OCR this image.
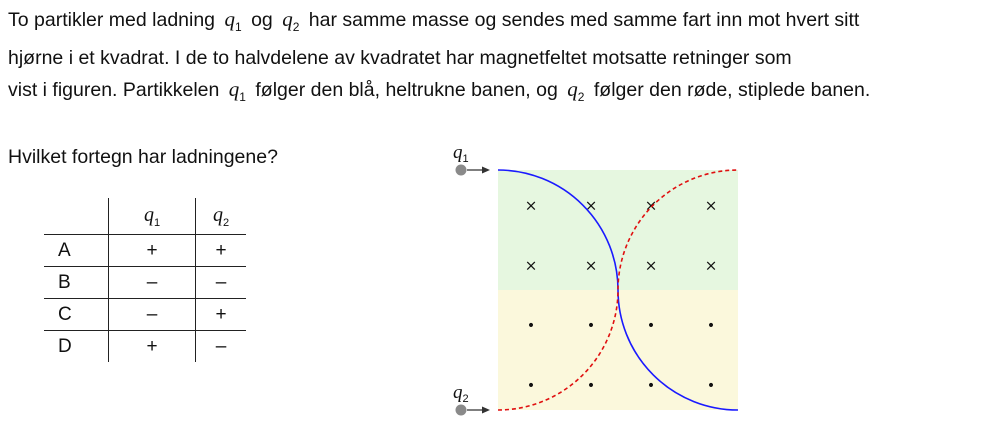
To partikler med ladning $q_1$ og $q_2$ har samme masse og sendes med samme fart inn mot hvert sitt
hjørne i et kvadrat. I de to halvdelene av kvadratet har magnetfeltet motsatte retninger som
vist i figuren. Partikkelen $q_1$ følger den blå, heltrukne banen, og $q_2$ følger den røde, stiplede banen.
Hvilket fortegn har ladningene?
	$q_1$	$q_2$
A	+	+
B	–	–
C	–	+
D	+	–
×	×	×	×
×	×	×	×
•	•	•	•
•	•	•	•
$q_1$
$q_2$
